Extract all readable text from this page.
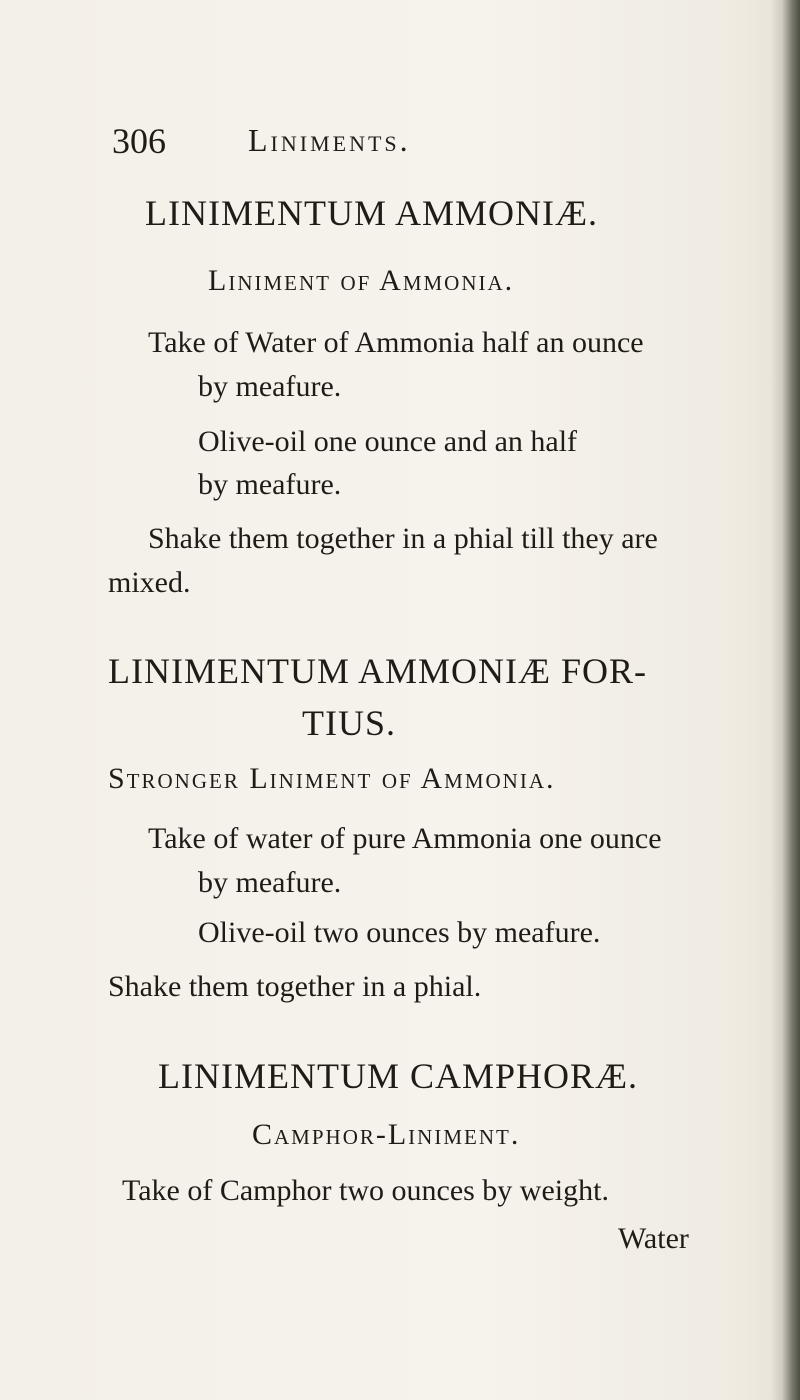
306	Liniments.
LINIMENTUM AMMONIÆ.
Liniment of Ammonia.
Take of Water of Ammonia half an ounce
by meafure.
Olive-oil one ounce and an half
by meafure.
Shake them together in a phial till they are
mixed.
LINIMENTUM AMMONIÆ FOR-
TIUS.
Stronger Liniment of Ammonia.
Take of water of pure Ammonia one ounce
by meafure.
Olive-oil two ounces by meafure.
Shake them together in a phial.
LINIMENTUM CAMPHORÆ.
Camphor-Liniment.
Take of Camphor two ounces by weight.
Water
